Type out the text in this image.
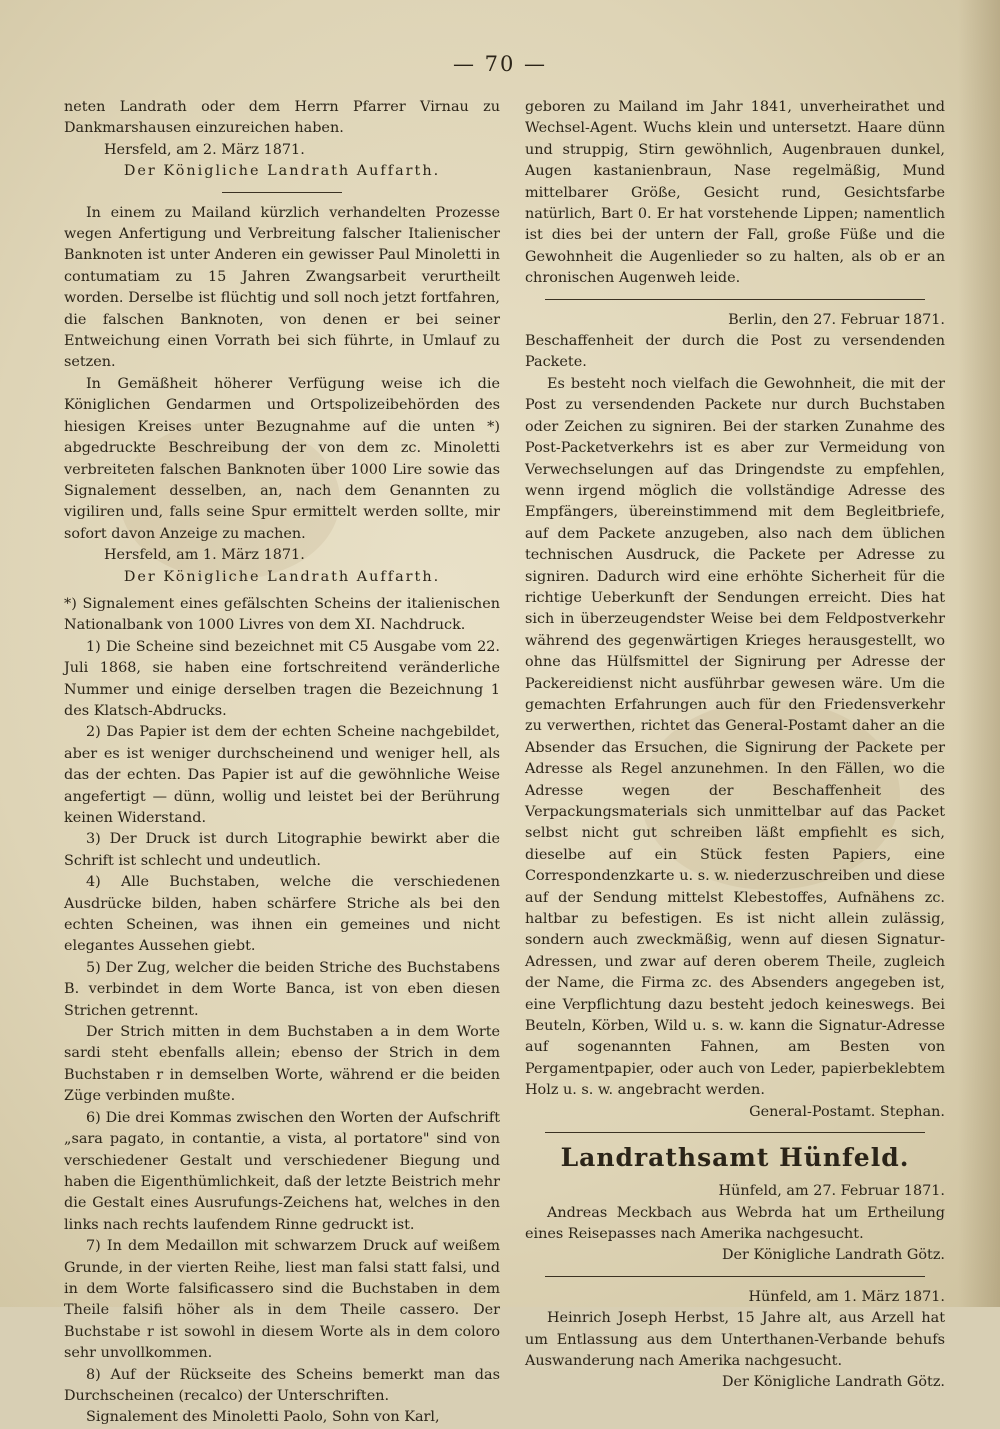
— 70 —

neten Landrath oder dem Herrn Pfarrer Virnau zu Dankmarshausen einzureichen haben.

Hersfeld, am 2. März 1871.

Der Königliche Landrath Auffarth.

In einem zu Mailand kürzlich verhandelten Prozesse wegen Anfertigung und Verbreitung falscher Italienischer Banknoten ist unter Anderen ein gewisser Paul Minoletti in contumatiam zu 15 Jahren Zwangsarbeit verurtheilt worden. Derselbe ist flüchtig und soll noch jetzt fortfahren, die falschen Banknoten, von denen er bei seiner Entweichung einen Vorrath bei sich führte, in Umlauf zu setzen.

In Gemäßheit höherer Verfügung weise ich die Königlichen Gendarmen und Ortspolizeibehörden des hiesigen Kreises unter Bezugnahme auf die unten *) abgedruckte Beschreibung der von dem zc. Minoletti verbreiteten falschen Banknoten über 1000 Lire sowie das Signalement desselben, an, nach dem Genannten zu vigiliren und, falls seine Spur ermittelt werden sollte, mir sofort davon Anzeige zu machen.

Hersfeld, am 1. März 1871.

Der Königliche Landrath Auffarth.

*) Signalement eines gefälschten Scheins der italienischen Nationalbank von 1000 Livres von dem XI. Nachdruck.

1) Die Scheine sind bezeichnet mit C5 Ausgabe vom 22. Juli 1868, sie haben eine fortschreitend veränderliche Nummer und einige derselben tragen die Bezeichnung 1 des Klatsch-Abdrucks.

2) Das Papier ist dem der echten Scheine nachgebildet, aber es ist weniger durchscheinend und weniger hell, als das der echten. Das Papier ist auf die gewöhnliche Weise angefertigt — dünn, wollig und leistet bei der Berührung keinen Widerstand.

3) Der Druck ist durch Litographie bewirkt aber die Schrift ist schlecht und undeutlich.

4) Alle Buchstaben, welche die verschiedenen Ausdrücke bilden, haben schärfere Striche als bei den echten Scheinen, was ihnen ein gemeines und nicht elegantes Aussehen giebt.

5) Der Zug, welcher die beiden Striche des Buchstabens B. verbindet in dem Worte Banca, ist von eben diesen Strichen getrennt.

Der Strich mitten in dem Buchstaben a in dem Worte sardi steht ebenfalls allein; ebenso der Strich in dem Buchstaben r in demselben Worte, während er die beiden Züge verbinden mußte.

6) Die drei Kommas zwischen den Worten der Aufschrift „sara pagato, in contantie, a vista, al portatore" sind von verschiedener Gestalt und verschiedener Biegung und haben die Eigenthümlichkeit, daß der letzte Beistrich mehr die Gestalt eines Ausrufungs-Zeichens hat, welches in den links nach rechts laufendem Rinne gedruckt ist.

7) In dem Medaillon mit schwarzem Druck auf weißem Grunde, in der vierten Reihe, liest man falsi statt falsi, und in dem Worte falsificassero sind die Buchstaben in dem Theile falsifi höher als in dem Theile cassero. Der Buchstabe r ist sowohl in diesem Worte als in dem coloro sehr unvollkommen.

8) Auf der Rückseite des Scheins bemerkt man das Durchscheinen (recalco) der Unterschriften.

Signalement des Minoletti Paolo, Sohn von Karl,

geboren zu Mailand im Jahr 1841, unverheirathet und Wechsel-Agent. Wuchs klein und untersetzt. Haare dünn und struppig, Stirn gewöhnlich, Augenbrauen dunkel, Augen kastanienbraun, Nase regelmäßig, Mund mittelbarer Größe, Gesicht rund, Gesichtsfarbe natürlich, Bart 0. Er hat vorstehende Lippen; namentlich ist dies bei der untern der Fall, große Füße und die Gewohnheit die Augenlieder so zu halten, als ob er an chronischen Augenweh leide.

Berlin, den 27. Februar 1871.

Beschaffenheit der durch die Post zu versendenden Packete.

Es besteht noch vielfach die Gewohnheit, die mit der Post zu versendenden Packete nur durch Buchstaben oder Zeichen zu signiren. Bei der starken Zunahme des Post-Packetverkehrs ist es aber zur Vermeidung von Verwechselungen auf das Dringendste zu empfehlen, wenn irgend möglich die vollständige Adresse des Empfängers, übereinstimmend mit dem Begleitbriefe, auf dem Packete anzugeben, also nach dem üblichen technischen Ausdruck, die Packete per Adresse zu signiren. Dadurch wird eine erhöhte Sicherheit für die richtige Ueberkunft der Sendungen erreicht. Dies hat sich in überzeugendster Weise bei dem Feldpostverkehr während des gegenwärtigen Krieges herausgestellt, wo ohne das Hülfsmittel der Signirung per Adresse der Packereidienst nicht ausführbar gewesen wäre. Um die gemachten Erfahrungen auch für den Friedensverkehr zu verwerthen, richtet das General-Postamt daher an die Absender das Ersuchen, die Signirung der Packete per Adresse als Regel anzunehmen. In den Fällen, wo die Adresse wegen der Beschaffenheit des Verpackungsmaterials sich unmittelbar auf das Packet selbst nicht gut schreiben läßt empfiehlt es sich, dieselbe auf ein Stück festen Papiers, eine Correspondenzkarte u. s. w. niederzuschreiben und diese auf der Sendung mittelst Klebestoffes, Aufnähens zc. haltbar zu befestigen. Es ist nicht allein zulässig, sondern auch zweckmäßig, wenn auf diesen Signatur-Adressen, und zwar auf deren oberem Theile, zugleich der Name, die Firma zc. des Absenders angegeben ist, eine Verpflichtung dazu besteht jedoch keineswegs. Bei Beuteln, Körben, Wild u. s. w. kann die Signatur-Adresse auf sogenannten Fahnen, am Besten von Pergamentpapier, oder auch von Leder, papierbeklebtem Holz u. s. w. angebracht werden.

General-Postamt. Stephan.

Landrathsamt Hünfeld.

Hünfeld, am 27. Februar 1871.

Andreas Meckbach aus Webrda hat um Ertheilung eines Reisepasses nach Amerika nachgesucht.

Der Königliche Landrath Götz.

Hünfeld, am 1. März 1871.

Heinrich Joseph Herbst, 15 Jahre alt, aus Arzell hat um Entlassung aus dem Unterthanen-Verbande behufs Auswanderung nach Amerika nachgesucht.

Der Königliche Landrath Götz.
